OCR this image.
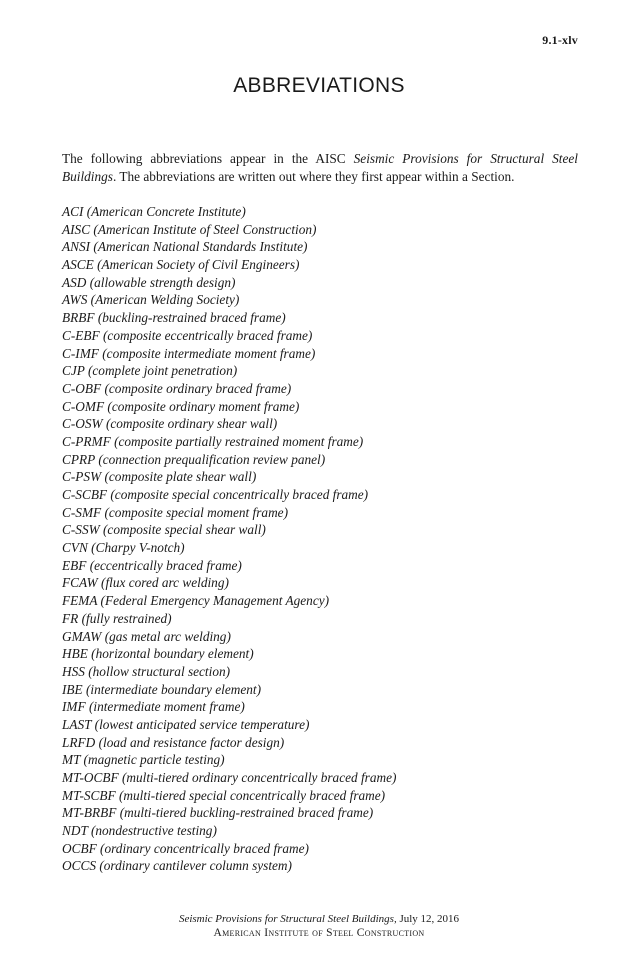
9.1-xlv
ABBREVIATIONS

The following abbreviations appear in the AISC Seismic Provisions for Structural Steel Buildings. The abbreviations are written out where they first appear within a Section.

ACI (American Concrete Institute)
AISC (American Institute of Steel Construction)
ANSI (American National Standards Institute)
ASCE (American Society of Civil Engineers)
ASD (allowable strength design)
AWS (American Welding Society)
BRBF (buckling-restrained braced frame)
C-EBF (composite eccentrically braced frame)
C-IMF (composite intermediate moment frame)
CJP (complete joint penetration)
C-OBF (composite ordinary braced frame)
C-OMF (composite ordinary moment frame)
C-OSW (composite ordinary shear wall)
C-PRMF (composite partially restrained moment frame)
CPRP (connection prequalification review panel)
C-PSW (composite plate shear wall)
C-SCBF (composite special concentrically braced frame)
C-SMF (composite special moment frame)
C-SSW (composite special shear wall)
CVN (Charpy V-notch)
EBF (eccentrically braced frame)
FCAW (flux cored arc welding)
FEMA (Federal Emergency Management Agency)
FR (fully restrained)
GMAW (gas metal arc welding)
HBE (horizontal boundary element)
HSS (hollow structural section)
IBE (intermediate boundary element)
IMF (intermediate moment frame)
LAST (lowest anticipated service temperature)
LRFD (load and resistance factor design)
MT (magnetic particle testing)
MT-OCBF (multi-tiered ordinary concentrically braced frame)
MT-SCBF (multi-tiered special concentrically braced frame)
MT-BRBF (multi-tiered buckling-restrained braced frame)
NDT (nondestructive testing)
OCBF (ordinary concentrically braced frame)
OCCS (ordinary cantilever column system)
Seismic Provisions for Structural Steel Buildings, July 12, 2016
American Institute of Steel Construction
